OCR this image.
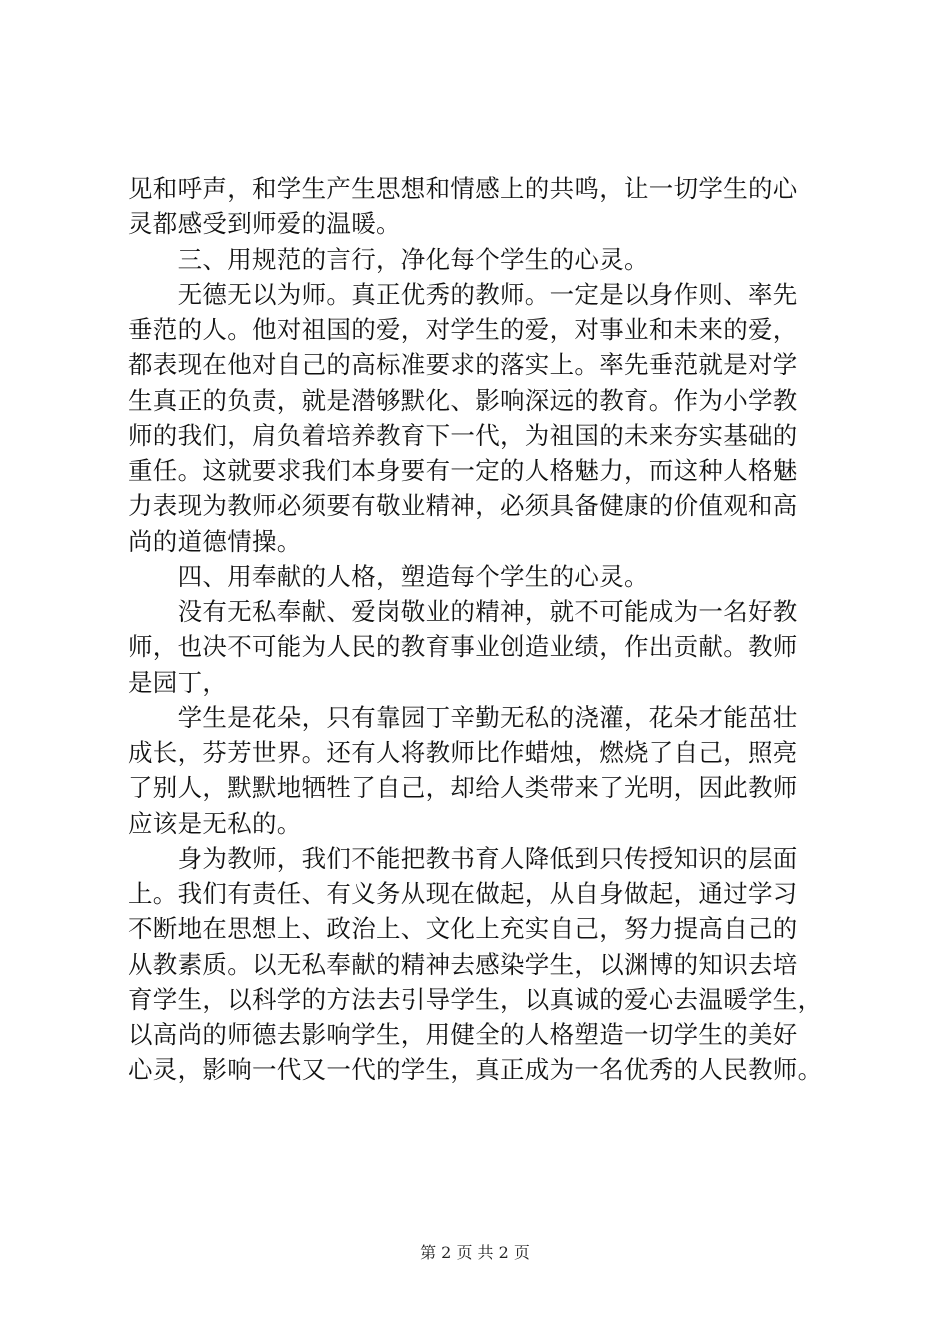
见和呼声，和学生产生思想和情感上的共鸣，让一切学生的心
灵都感受到师爱的温暖。
　　三、用规范的言行，净化每个学生的心灵。
　　无德无以为师。真正优秀的教师。一定是以身作则、率先
垂范的人。他对祖国的爱，对学生的爱，对事业和未来的爱，
都表现在他对自己的高标准要求的落实上。率先垂范就是对学
生真正的负责，就是潜够默化、影响深远的教育。作为小学教
师的我们，肩负着培养教育下一代，为祖国的未来夯实基础的
重任。这就要求我们本身要有一定的人格魅力，而这种人格魅
力表现为教师必须要有敬业精神，必须具备健康的价值观和高
尚的道德情操。
　　四、用奉献的人格，塑造每个学生的心灵。
　　没有无私奉献、爱岗敬业的精神，就不可能成为一名好教
师，也决不可能为人民的教育事业创造业绩，作出贡献。教师
是园丁，
　　学生是花朵，只有靠园丁辛勤无私的浇灌，花朵才能茁壮
成长，芬芳世界。还有人将教师比作蜡烛，燃烧了自己，照亮
了别人，默默地牺牲了自己，却给人类带来了光明，因此教师
应该是无私的。
　　身为教师，我们不能把教书育人降低到只传授知识的层面
上。我们有责任、有义务从现在做起，从自身做起，通过学习
不断地在思想上、政治上、文化上充实自己，努力提高自己的
从教素质。以无私奉献的精神去感染学生，以渊博的知识去培
育学生，以科学的方法去引导学生，以真诚的爱心去温暖学生，
以高尚的师德去影响学生，用健全的人格塑造一切学生的美好
心灵，影响一代又一代的学生，真正成为一名优秀的人民教师。
第 2 页 共 2 页
